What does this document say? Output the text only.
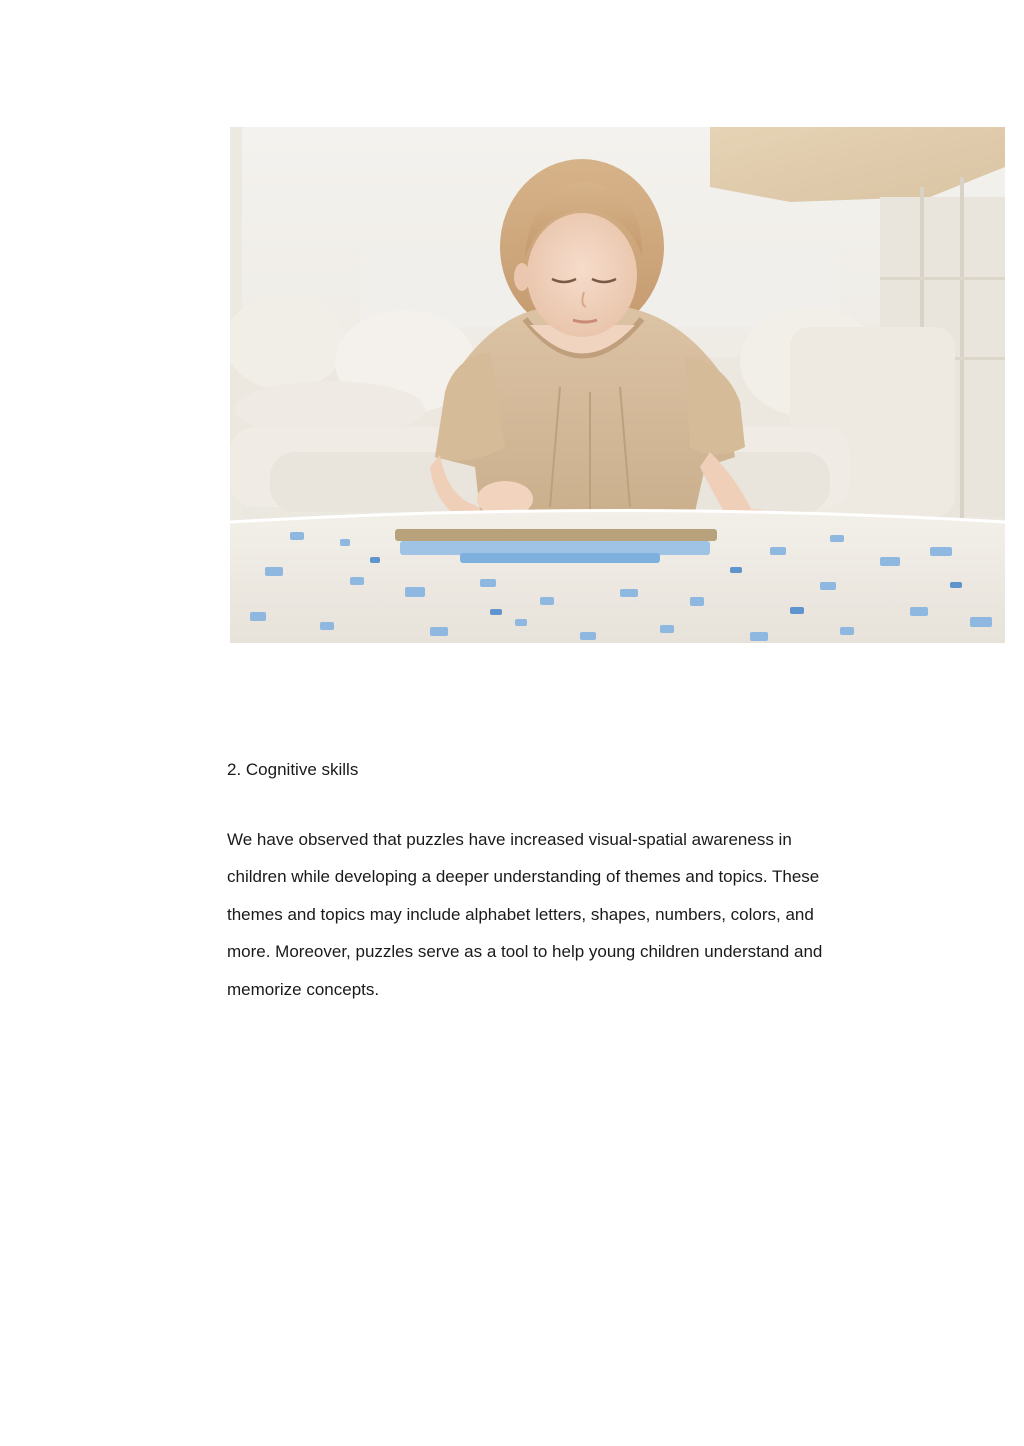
2. Cognitive skills

We have observed that puzzles have increased visual-spatial awareness in
children while developing a deeper understanding of themes and topics. These
themes and topics may include alphabet letters, shapes, numbers, colors, and
more. Moreover, puzzles serve as a tool to help young children understand and
memorize concepts.
